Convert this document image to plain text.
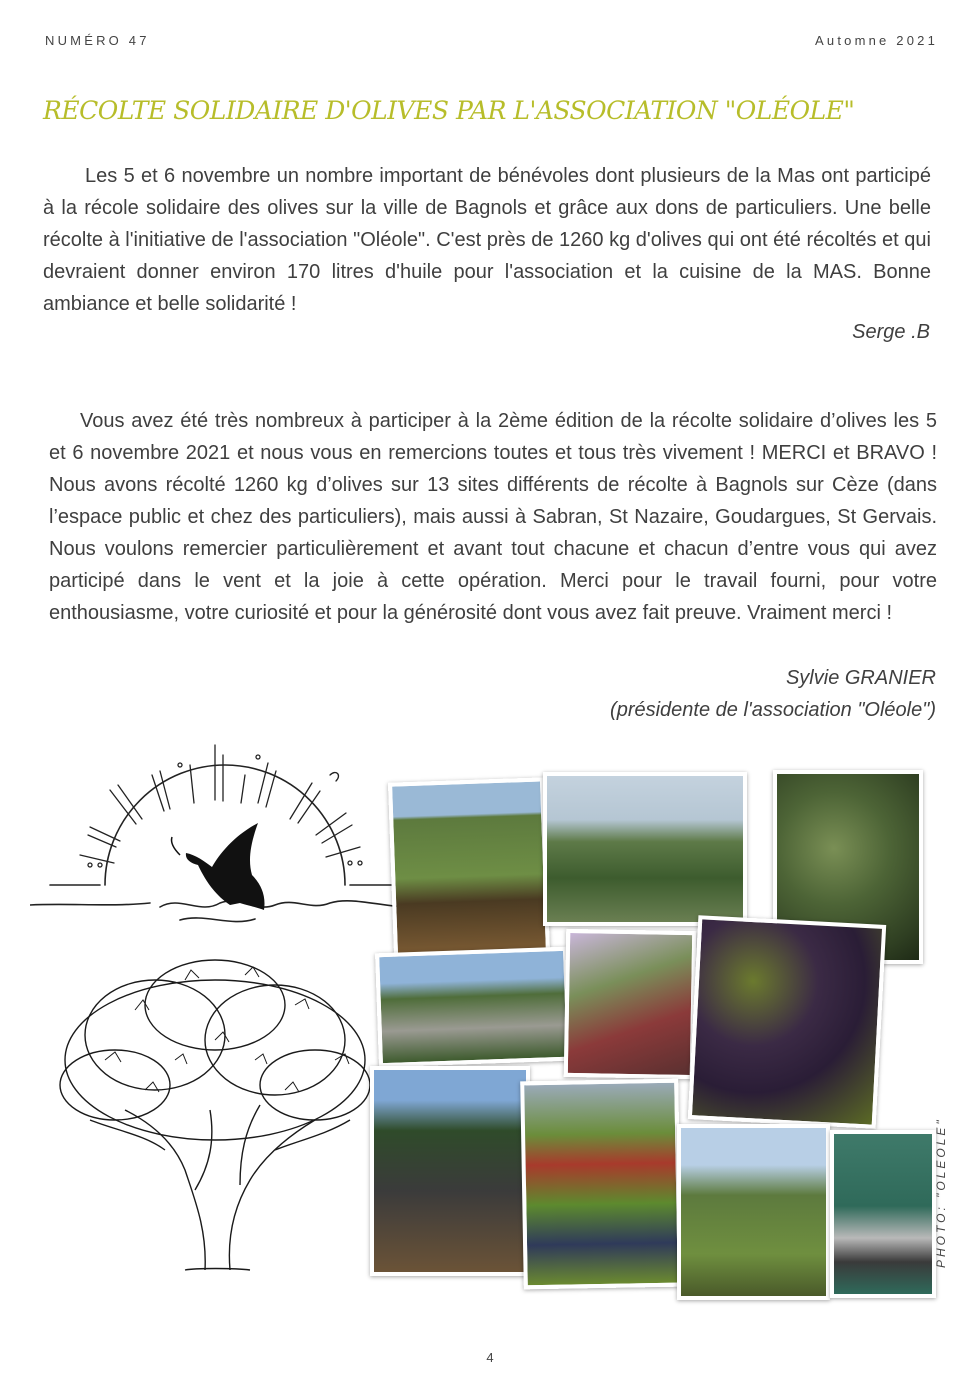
NUMÉRO 47	Automne 2021
RÉCOLTE SOLIDAIRE D'OLIVES PAR L'ASSOCIATION "OLÉOLE"

Les 5 et 6 novembre un nombre important de bénévoles dont plusieurs de la Mas ont participé à la récole solidaire des olives sur la ville de Bagnols et grâce aux dons de particuliers. Une belle récolte à l'initiative de l'association "Oléole". C'est près de 1260 kg d'olives qui ont été récoltés et qui devraient donner environ 170 litres d'huile pour l'association et la cuisine de la MAS. Bonne ambiance et belle solidarité !

Serge .B

Vous avez été très nombreux à participer à la 2ème édition de la récolte solidaire d’olives les 5 et 6 novembre 2021 et nous vous en remercions toutes et tous très vivement ! MERCI et BRAVO ! Nous avons récolté 1260 kg d’olives sur 13 sites différents de récolte à Bagnols sur Cèze (dans l’espace public et chez des particuliers), mais aussi à Sabran, St Nazaire, Goudargues, St Gervais. Nous voulons remercier particulièrement et avant tout chacune et chacun d’entre vous qui avez participé dans le vent et la joie à cette opération. Merci pour le travail fourni, pour votre enthousiasme, votre curiosité et pour la générosité dont vous avez fait preuve. Vraiment merci !

Sylvie GRANIER
(présidente de l'association "Oléole")
PHOTO: "OLEOLE"
4
